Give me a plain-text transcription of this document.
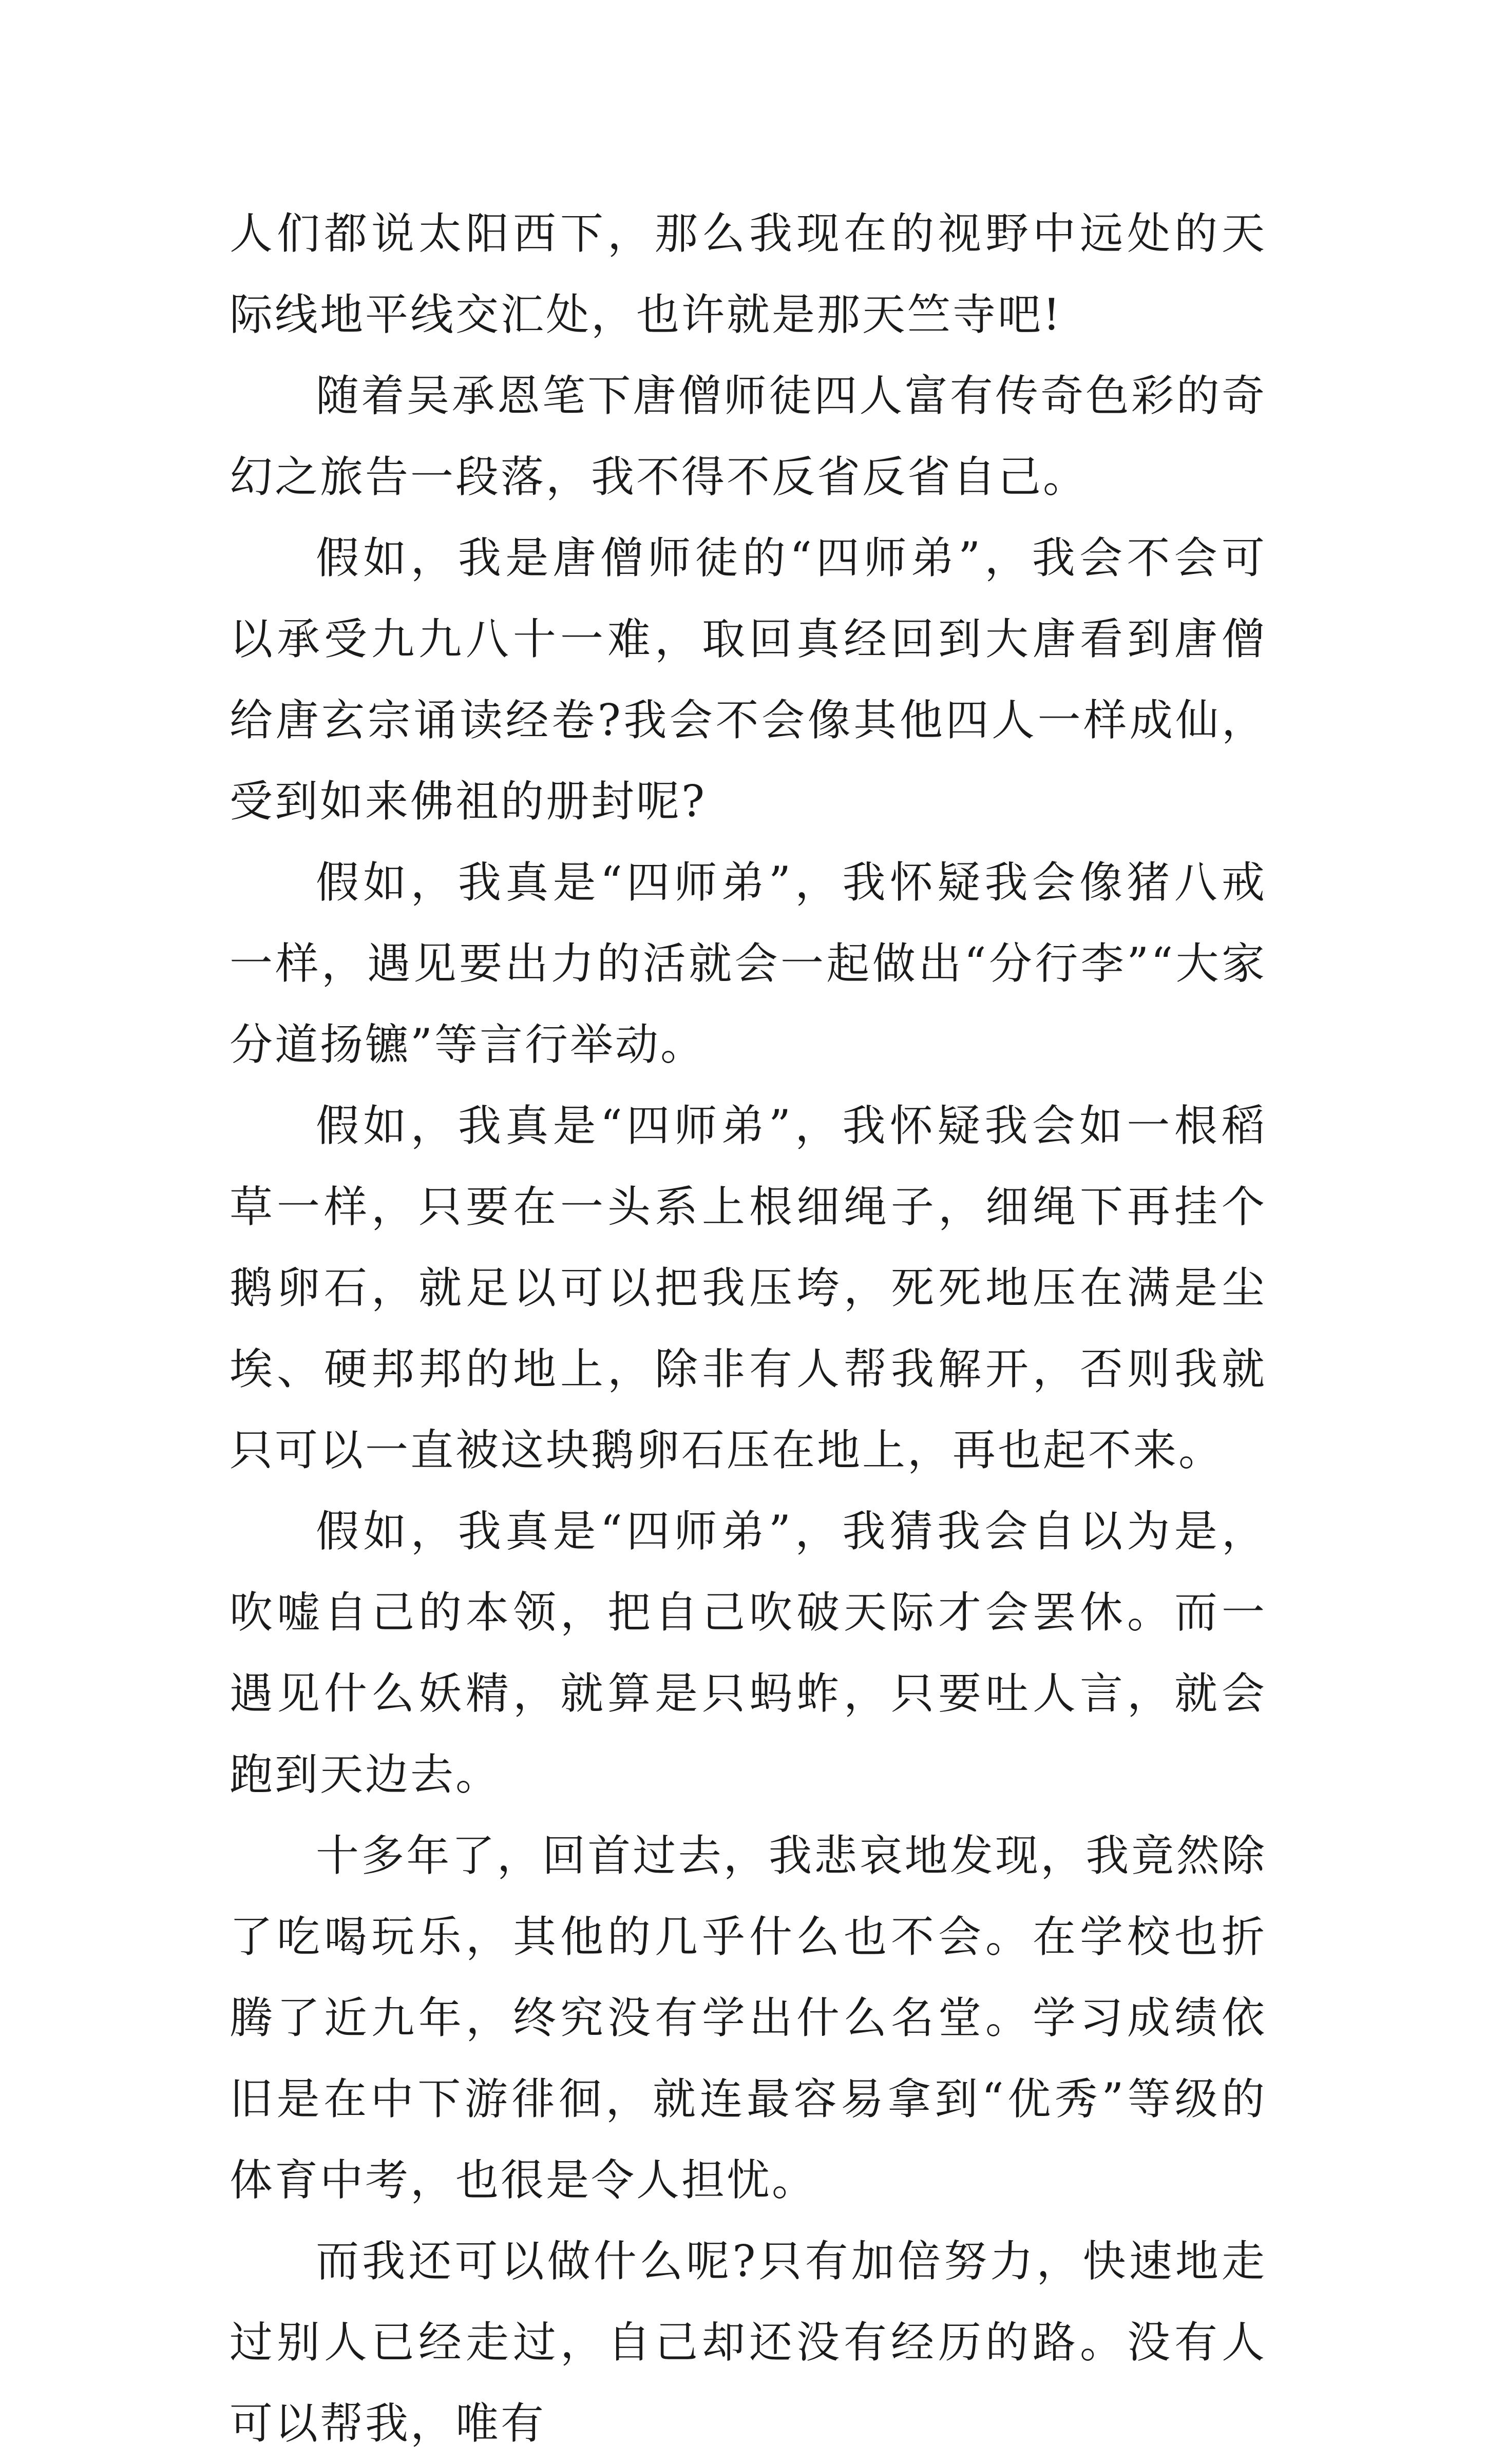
人们都说太阳西下，那么我现在的视野中远处的天际线地平线交汇处，也许就是那天竺寺吧!

随着吴承恩笔下唐僧师徒四人富有传奇色彩的奇幻之旅告一段落，我不得不反省反省自己。

假如，我是唐僧师徒的“四师弟”，我会不会可以承受九九八十一难，取回真经回到大唐看到唐僧给唐玄宗诵读经卷?我会不会像其他四人一样成仙，受到如来佛祖的册封呢?

假如，我真是“四师弟”，我怀疑我会像猪八戒一样，遇见要出力的活就会一起做出“分行李”“大家分道扬镳”等言行举动。

假如，我真是“四师弟”，我怀疑我会如一根稻草一样，只要在一头系上根细绳子，细绳下再挂个鹅卵石，就足以可以把我压垮，死死地压在满是尘埃、硬邦邦的地上，除非有人帮我解开，否则我就只可以一直被这块鹅卵石压在地上，再也起不来。

假如，我真是“四师弟”，我猜我会自以为是，吹嘘自己的本领，把自己吹破天际才会罢休。而一遇见什么妖精，就算是只蚂蚱，只要吐人言，就会跑到天边去。

十多年了，回首过去，我悲哀地发现，我竟然除了吃喝玩乐，其他的几乎什么也不会。在学校也折腾了近九年，终究没有学出什么名堂。学习成绩依旧是在中下游徘徊，就连最容易拿到“优秀”等级的体育中考，也很是令人担忧。

而我还可以做什么呢?只有加倍努力，快速地走过别人已经走过，自己却还没有经历的路。没有人可以帮我，唯有
